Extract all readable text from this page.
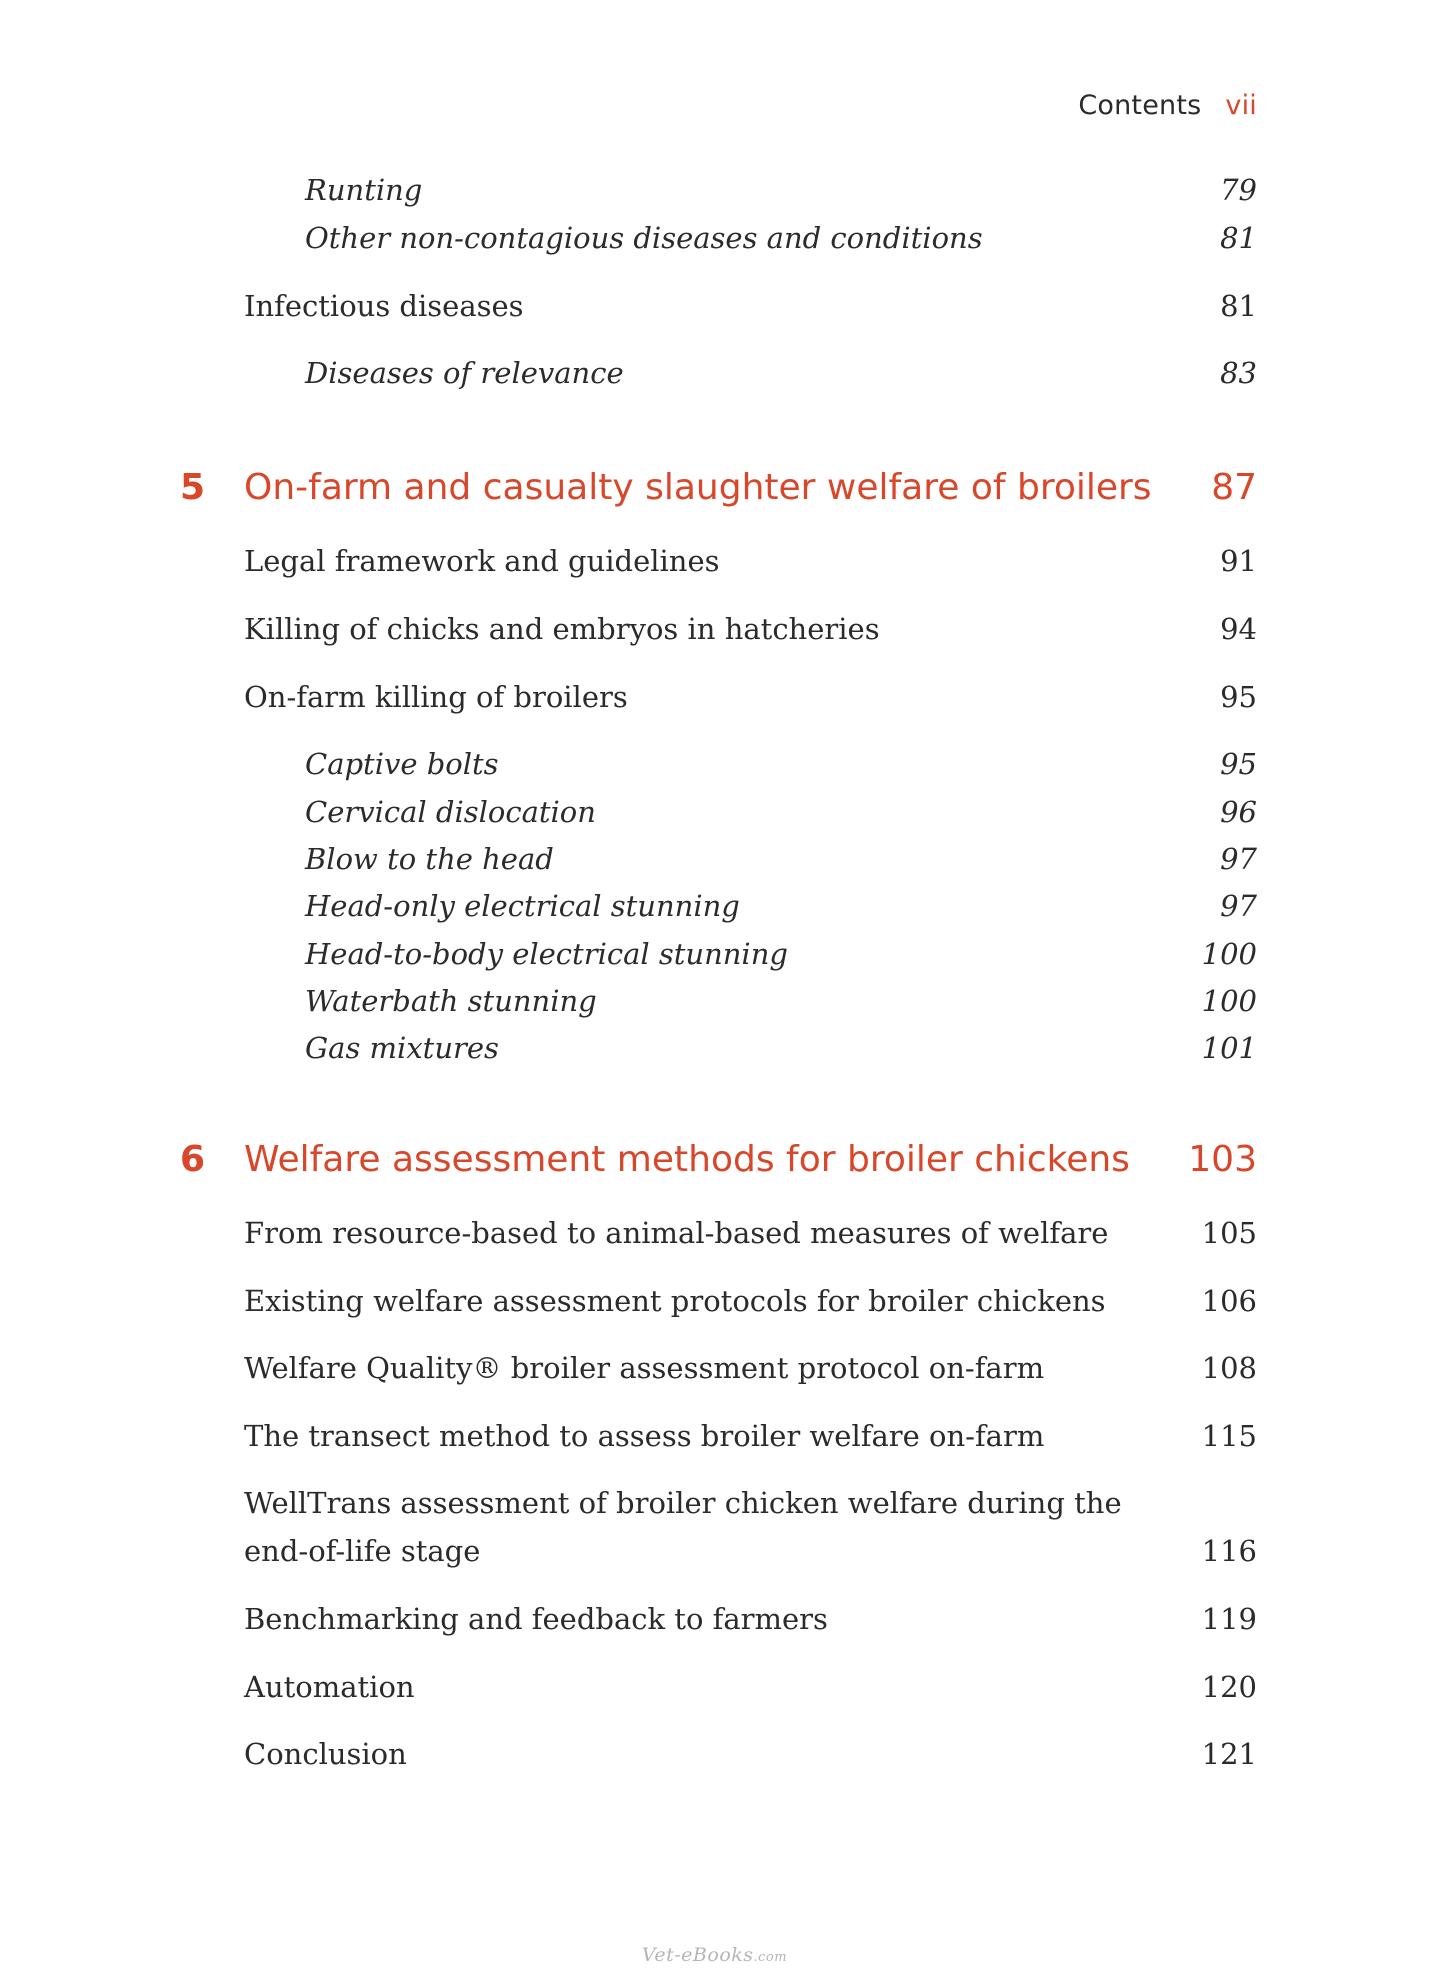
Contents vii
Runting	79
Other non-contagious diseases and conditions	81
Infectious diseases	81
Diseases of relevance	83
5	On-farm and casualty slaughter welfare of broilers	87
Legal framework and guidelines	91
Killing of chicks and embryos in hatcheries	94
On-farm killing of broilers	95
Captive bolts	95
Cervical dislocation	96
Blow to the head	97
Head-only electrical stunning	97
Head-to-body electrical stunning	100
Waterbath stunning	100
Gas mixtures	101
6	Welfare assessment methods for broiler chickens	103
From resource-based to animal-based measures of welfare	105
Existing welfare assessment protocols for broiler chickens	106
Welfare Quality® broiler assessment protocol on-farm	108
The transect method to assess broiler welfare on-farm	115
WellTrans assessment of broiler chicken welfare during the end-of-life stage	116
Benchmarking and feedback to farmers	119
Automation	120
Conclusion	121
Vet-eBooks.com
